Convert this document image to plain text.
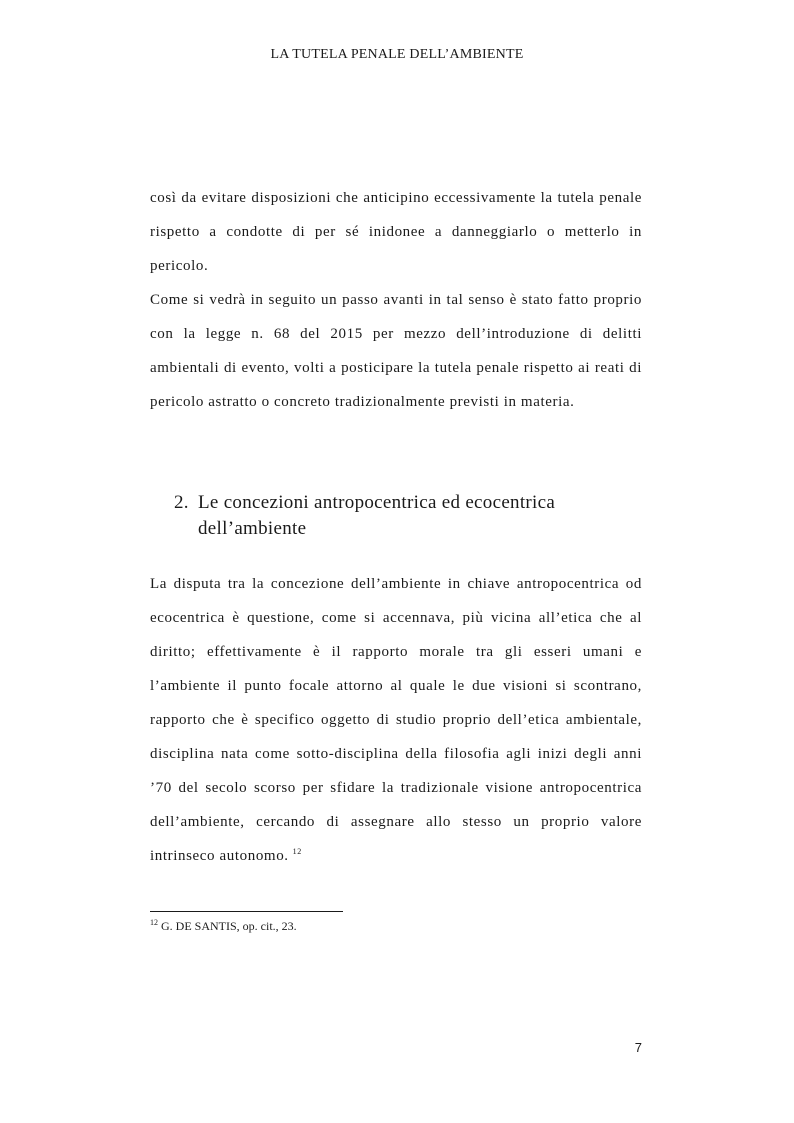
LA TUTELA PENALE DELL’AMBIENTE

così da evitare disposizioni che anticipino eccessivamente la tutela penale rispetto a condotte di per sé inidonee a danneggiarlo o metterlo in pericolo.

Come si vedrà in seguito un passo avanti in tal senso è stato fatto proprio con la legge n. 68 del 2015 per mezzo dell’introduzione di delitti ambientali di evento, volti a posticipare la tutela penale rispetto ai reati di pericolo astratto o concreto tradizionalmente previsti in materia.

2. Le concezioni antropocentrica ed ecocentrica
dell’ambiente

La disputa tra la concezione dell’ambiente in chiave antropocentrica od ecocentrica è questione, come si accennava, più vicina all’etica che al diritto; effettivamente è il rapporto morale tra gli esseri umani e l’ambiente il punto focale attorno al quale le due visioni si scontrano, rapporto che è specifico oggetto di studio proprio dell’etica ambientale, disciplina nata come sotto-disciplina della filosofia agli inizi degli anni ’70 del secolo scorso per sfidare la tradizionale visione antropocentrica dell’ambiente, cercando di assegnare allo stesso un proprio valore intrinseco autonomo. $^{12}$

$^{12}$ G. DE SANTIS, op. cit., 23.
7
